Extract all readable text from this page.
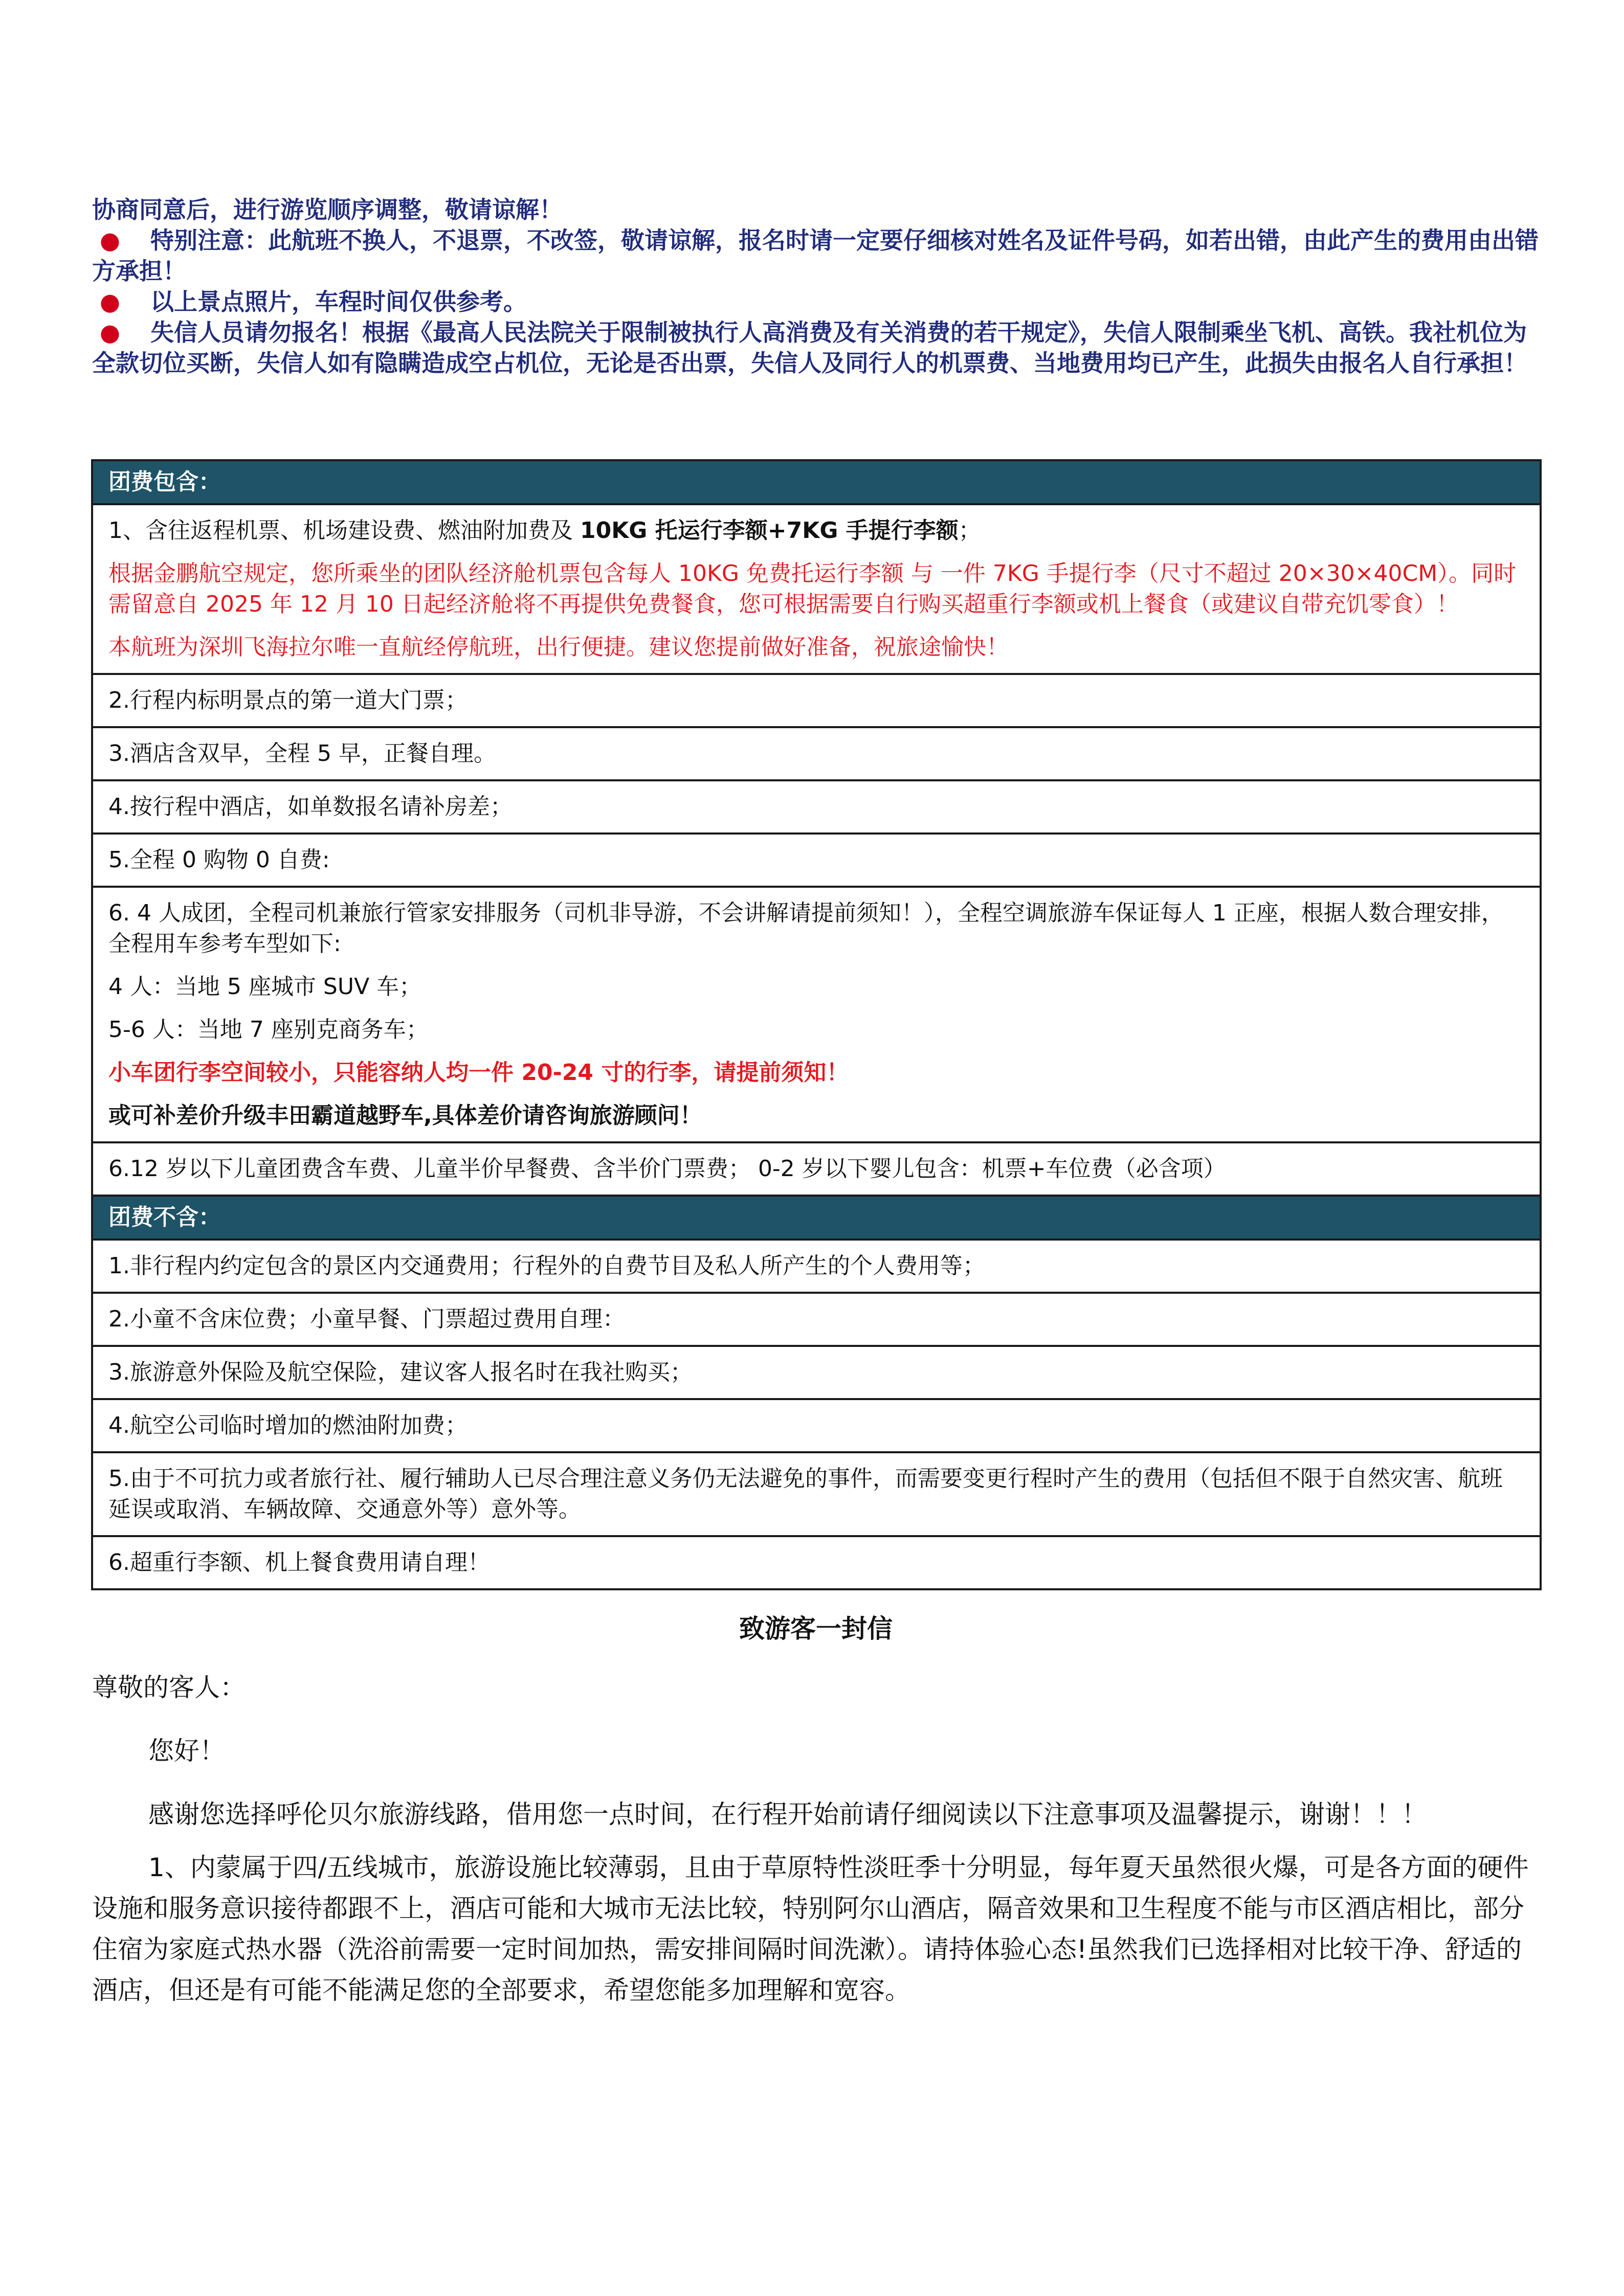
协商同意后，进行游览顺序调整，敬请谅解！

● 特别注意：此航班不换人，不退票，不改签，敬请谅解，报名时请一定要仔细核对姓名及证件号码，如若出错，由此产生的费用由出错方承担！

● 以上景点照片，车程时间仅供参考。

● 失信人员请勿报名！根据《最高人民法院关于限制被执行人高消费及有关消费的若干规定》，失信人限制乘坐飞机、高铁。我社机位为全款切位买断，失信人如有隐瞒造成空占机位，无论是否出票，失信人及同行人的机票费、当地费用均已产生，此损失由报名人自行承担！

团费包含：

1、含往返程机票、机场建设费、燃油附加费及 10KG 托运行李额+7KG 手提行李额；

根据金鹏航空规定，您所乘坐的团队经济舱机票包含每人 10KG 免费托运行李额 与 一件 7KG 手提行李（尺寸不超过 20×30×40CM）。同时需留意自 2025 年 12 月 10 日起经济舱将不再提供免费餐食，您可根据需要自行购买超重行李额或机上餐食（或建议自带充饥零食）！

本航班为深圳飞海拉尔唯一直航经停航班，出行便捷。建议您提前做好准备，祝旅途愉快！

2.行程内标明景点的第一道大门票；
3.酒店含双早，全程 5 早，正餐自理。
4.按行程中酒店，如单数报名请补房差；
5.全程 0 购物 0 自费:

6. 4 人成团，全程司机兼旅行管家安排服务（司机非导游，不会讲解请提前须知！），全程空调旅游车保证每人 1 正座，根据人数合理安排，全程用车参考车型如下:

4 人：当地 5 座城市 SUV 车；

5-6 人：当地 7 座别克商务车；

小车团行李空间较小，只能容纳人均一件 20-24 寸的行李，请提前须知！

或可补差价升级丰田霸道越野车,具体差价请咨询旅游顾问！

6.12 岁以下儿童团费含车费、儿童半价早餐费、含半价门票费； 0-2 岁以下婴儿包含：机票+车位费（必含项）
团费不含：
1.非行程内约定包含的景区内交通费用；行程外的自费节目及私人所产生的个人费用等；
2.小童不含床位费；小童早餐、门票超过费用自理：
3.旅游意外保险及航空保险，建议客人报名时在我社购买；
4.航空公司临时增加的燃油附加费；
5.由于不可抗力或者旅行社、履行辅助人已尽合理注意义务仍无法避免的事件，而需要变更行程时产生的费用（包括但不限于自然灾害、航班延误或取消、车辆故障、交通意外等）意外等。
6.超重行李额、机上餐食费用请自理！

致游客一封信

尊敬的客人：

您好！

感谢您选择呼伦贝尔旅游线路，借用您一点时间，在行程开始前请仔细阅读以下注意事项及温馨提示，谢谢！！！

1、内蒙属于四/五线城市，旅游设施比较薄弱，且由于草原特性淡旺季十分明显，每年夏天虽然很火爆，可是各方面的硬件设施和服务意识接待都跟不上，酒店可能和大城市无法比较，特别阿尔山酒店，隔音效果和卫生程度不能与市区酒店相比，部分住宿为家庭式热水器（洗浴前需要一定时间加热，需安排间隔时间洗漱）。请持体验心态!虽然我们已选择相对比较干净、舒适的酒店，但还是有可能不能满足您的全部要求，希望您能多加理解和宽容。
